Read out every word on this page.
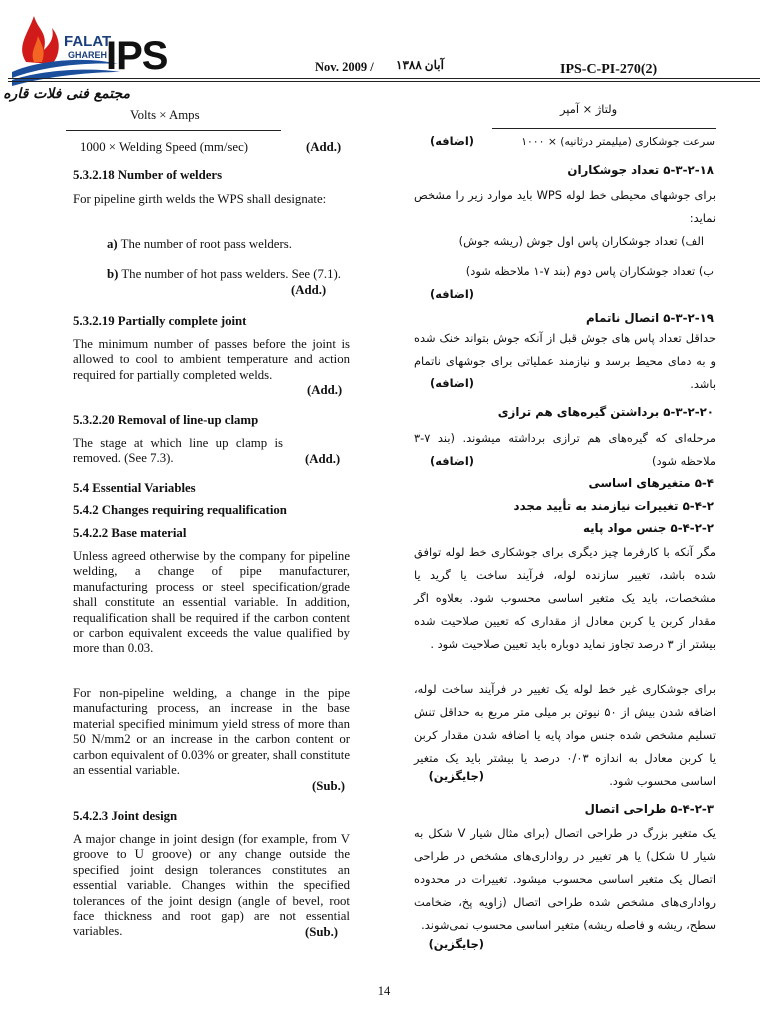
FALAT
GHAREH
IPS
مجتمع فنی فلات قاره
Nov. 2009 / آبان ۱۳۸۸	IPS-C-PI-270(2)
Volts × Amps
1000 × Welding Speed (mm/sec)	(Add.)
5.3.2.18 Number of welders
For pipeline girth welds the WPS shall designate:
a) The number of root pass welders.
b) The number of hot pass welders. See (7.1).
(Add.)
5.3.2.19 Partially complete joint
The minimum number of passes before the joint is allowed to cool to ambient temperature and action required for partially completed welds.
(Add.)
5.3.2.20 Removal of line-up clamp
The stage at which line up clamp is removed. (See 7.3).	(Add.)
5.4 Essential Variables
5.4.2 Changes requiring requalification
5.4.2.2 Base material
Unless agreed otherwise by the company for pipeline welding, a change of pipe manufacturer, manufacturing process or steel specification/grade shall constitute an essential variable. In addition, requalification shall be required if the carbon content or carbon equivalent exceeds the value qualified by more than 0.03.
For non-pipeline welding, a change in the pipe manufacturing process, an increase in the base material specified minimum yield stress of more than 50 N/mm2 or an increase in the carbon content or carbon equivalent of 0.03% or greater, shall constitute an essential variable.
(Sub.)
5.4.2.3 Joint design
A major change in joint design (for example, from V groove to U groove) or any change outside the specified joint design tolerances constitutes an essential variable. Changes within the specified tolerances of the joint design (angle of bevel, root face thickness and root gap) are not essential variables.	(Sub.)
ولتاژ × آمپر
سرعت جوشکاری (میلیمتر درثانیه) × ۱۰۰۰
(اضافه)
۵-۳-۲-۱۸ تعداد جوشکاران
برای جوشهای محیطی خط لوله WPS باید موارد زیر را مشخص نماید:
الف) تعداد جوشکاران پاس اول جوش (ریشه جوش)
ب) تعداد جوشکاران پاس دوم (بند ۷-۱ ملاحظه شود)
(اضافه)
۵-۳-۲-۱۹ اتصال ناتمام
حداقل تعداد پاس های جوش قبل از آنکه جوش بتواند خنک شده و به دمای محیط برسد و نیازمند عملیاتی برای جوشهای ناتمام باشد.
(اضافه)
۵-۳-۲-۲۰ برداشتن گیره‌های هم ترازی
مرحله‌ای که گیره‌های هم ترازی برداشته میشوند. (بند ۷-۳ ملاحظه شود)
(اضافه)
۵-۴ متغیرهای اساسی
۵-۴-۲ تغییرات نیازمند به تأیید مجدد
۵-۴-۲-۲ جنس مواد پایه
مگر آنکه با کارفرما چیز دیگری برای جوشکاری خط لوله توافق شده باشد، تغییر سازنده لوله، فرآیند ساخت یا گرید یا مشخصات، باید یک متغیر اساسی محسوب شود. بعلاوه اگر مقدار کربن یا کربن معادل از مقداری که تعیین صلاحیت شده بیشتر از ۳ درصد تجاوز نماید دوباره باید تعیین صلاحیت شود .
برای جوشکاری غیر خط لوله یک تغییر در فرآیند ساخت لوله، اضافه شدن بیش از ۵۰ نیوتن بر میلی متر مربع به حداقل تنش تسلیم مشخص شده جنس مواد پایه یا اضافه شدن مقدار کربن یا کربن معادل به اندازه ۰/۰۳ درصد یا بیشتر باید یک متغیر اساسی محسوب شود.
(جایگزین)
۵-۴-۲-۳ طراحی اتصال
یک متغیر بزرگ در طراحی اتصال (برای مثال شیار V شکل به شیار U شکل) یا هر تغییر در رواداری‌های مشخص در طراحی اتصال یک متغیر اساسی محسوب میشود. تغییرات در محدوده رواداری‌های مشخص شده طراحی اتصال (زاویه پخ، ضخامت سطح، ریشه و فاصله ریشه) متغیر اساسی محسوب نمی‌شوند.
(جایگزین)
14
